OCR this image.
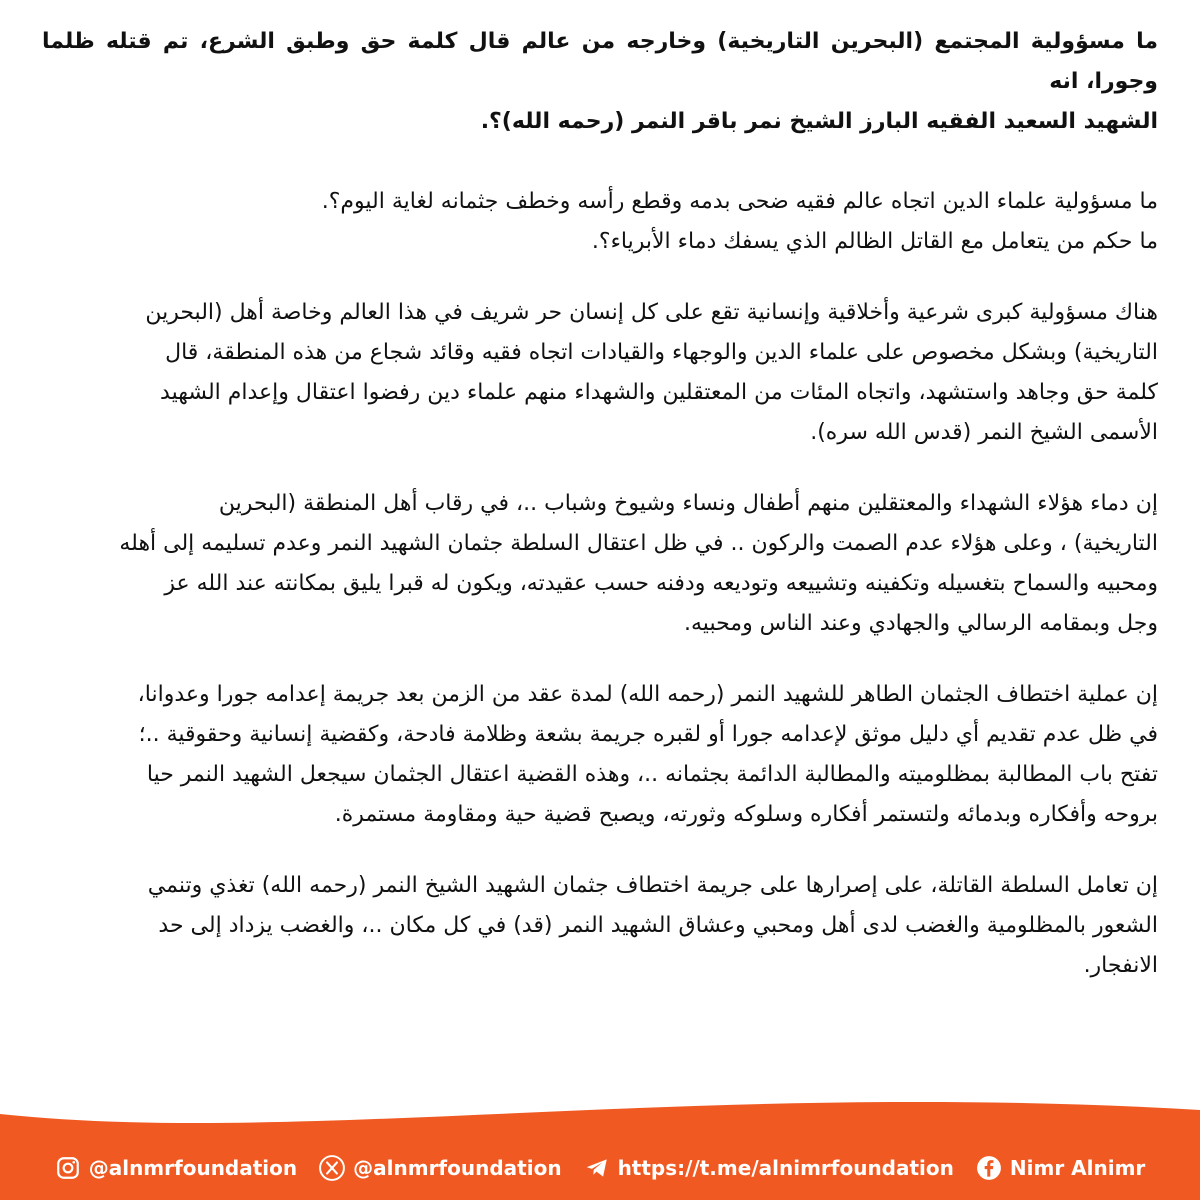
ما مسؤولية المجتمع (البحرين التاريخية) وخارجه من عالم قال كلمة حق وطبق الشرع، تم قتله ظلما وجورا، انه
الشهيد السعيد الفقيه البارز الشيخ نمر باقر النمر (رحمه الله)؟.

ما مسؤولية علماء الدين اتجاه عالم فقيه ضحى بدمه وقطع رأسه وخطف جثمانه لغاية اليوم؟.
ما حكم من يتعامل مع القاتل الظالم الذي يسفك دماء الأبرياء؟.

هناك مسؤولية كبرى شرعية وأخلاقية وإنسانية تقع على كل إنسان حر شريف في هذا العالم وخاصة أهل (البحرين
التاريخية) وبشكل مخصوص على علماء الدين والوجهاء والقيادات اتجاه فقيه وقائد شجاع من هذه المنطقة، قال
كلمة حق وجاهد واستشهد، واتجاه المئات من المعتقلين والشهداء منهم علماء دين رفضوا اعتقال وإعدام الشهيد
الأسمى الشيخ النمر (قدس الله سره).

إن دماء هؤلاء الشهداء والمعتقلين منهم أطفال ونساء وشيوخ وشباب ..، في رقاب أهل المنطقة (البحرين
التاريخية) ، وعلى هؤلاء عدم الصمت والركون .. في ظل اعتقال السلطة جثمان الشهيد النمر وعدم تسليمه إلى أهله
ومحبيه والسماح بتغسيله وتكفينه وتشييعه وتوديعه ودفنه حسب عقيدته، ويكون له قبرا يليق بمكانته عند الله عز
وجل وبمقامه الرسالي والجهادي وعند الناس ومحبيه.

إن عملية اختطاف الجثمان الطاهر للشهيد النمر (رحمه الله) لمدة عقد من الزمن بعد جريمة إعدامه جورا وعدوانا،
في ظل عدم تقديم أي دليل موثق لإعدامه جورا أو لقبره جريمة بشعة وظلامة فادحة، وكقضية إنسانية وحقوقية ..؛
تفتح باب المطالبة بمظلوميته والمطالبة الدائمة بجثمانه ..، وهذه القضية اعتقال الجثمان سيجعل الشهيد النمر حيا
بروحه وأفكاره وبدمائه ولتستمر أفكاره وسلوكه وثورته، ويصبح قضية حية ومقاومة مستمرة.

إن تعامل السلطة القاتلة، على إصرارها على جريمة اختطاف جثمان الشهيد الشيخ النمر (رحمه الله) تغذي وتنمي
الشعور بالمظلومية والغضب لدى أهل ومحبي وعشاق الشهيد النمر (قد) في كل مكان ..، والغضب يزداد إلى حد
الانفجار.

@alnmrfoundation	@alnmrfoundation	https://t.me/alnimrfoundation	Nimr Alnimr
